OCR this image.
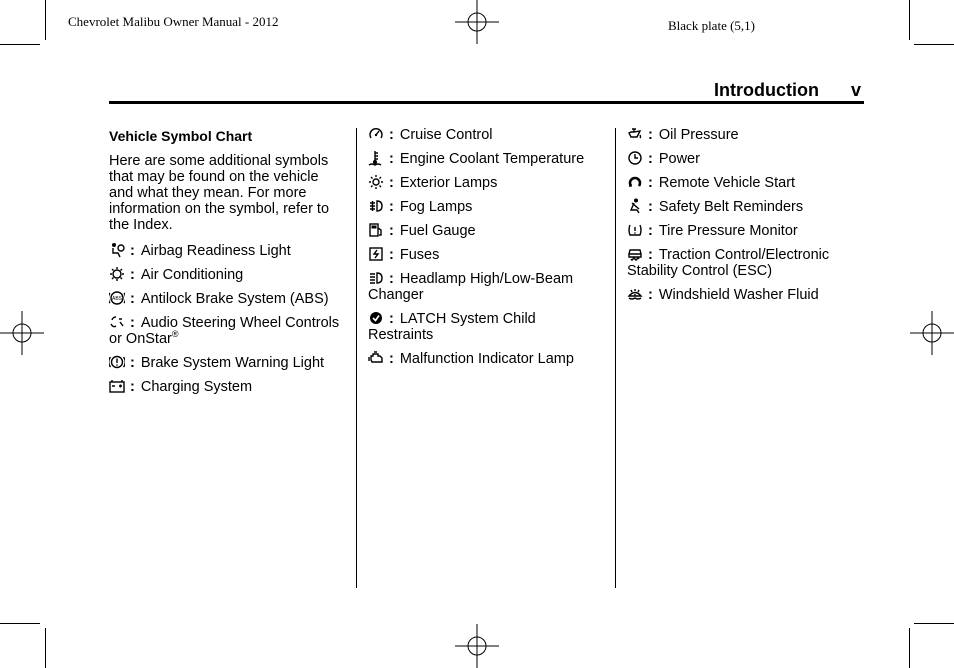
Chevrolet Malibu Owner Manual - 2012	Black plate (5,1)
Introduction v
Vehicle Symbol Chart
Here are some additional symbols that may be found on the vehicle and what they mean. For more information on the symbol, refer to the Index.
: Airbag Readiness Light
: Air Conditioning
ABS : Antilock Brake System (ABS)
: Audio Steering Wheel Controls or OnStar®
: Brake System Warning Light
: Charging System
: Cruise Control
: Engine Coolant Temperature
: Exterior Lamps
: Fog Lamps
: Fuel Gauge
: Fuses
: Headlamp High/Low-Beam Changer
: LATCH System Child Restraints
: Malfunction Indicator Lamp
: Oil Pressure
: Power
: Remote Vehicle Start
: Safety Belt Reminders
: Tire Pressure Monitor
: Traction Control/Electronic Stability Control (ESC)
: Windshield Washer Fluid
